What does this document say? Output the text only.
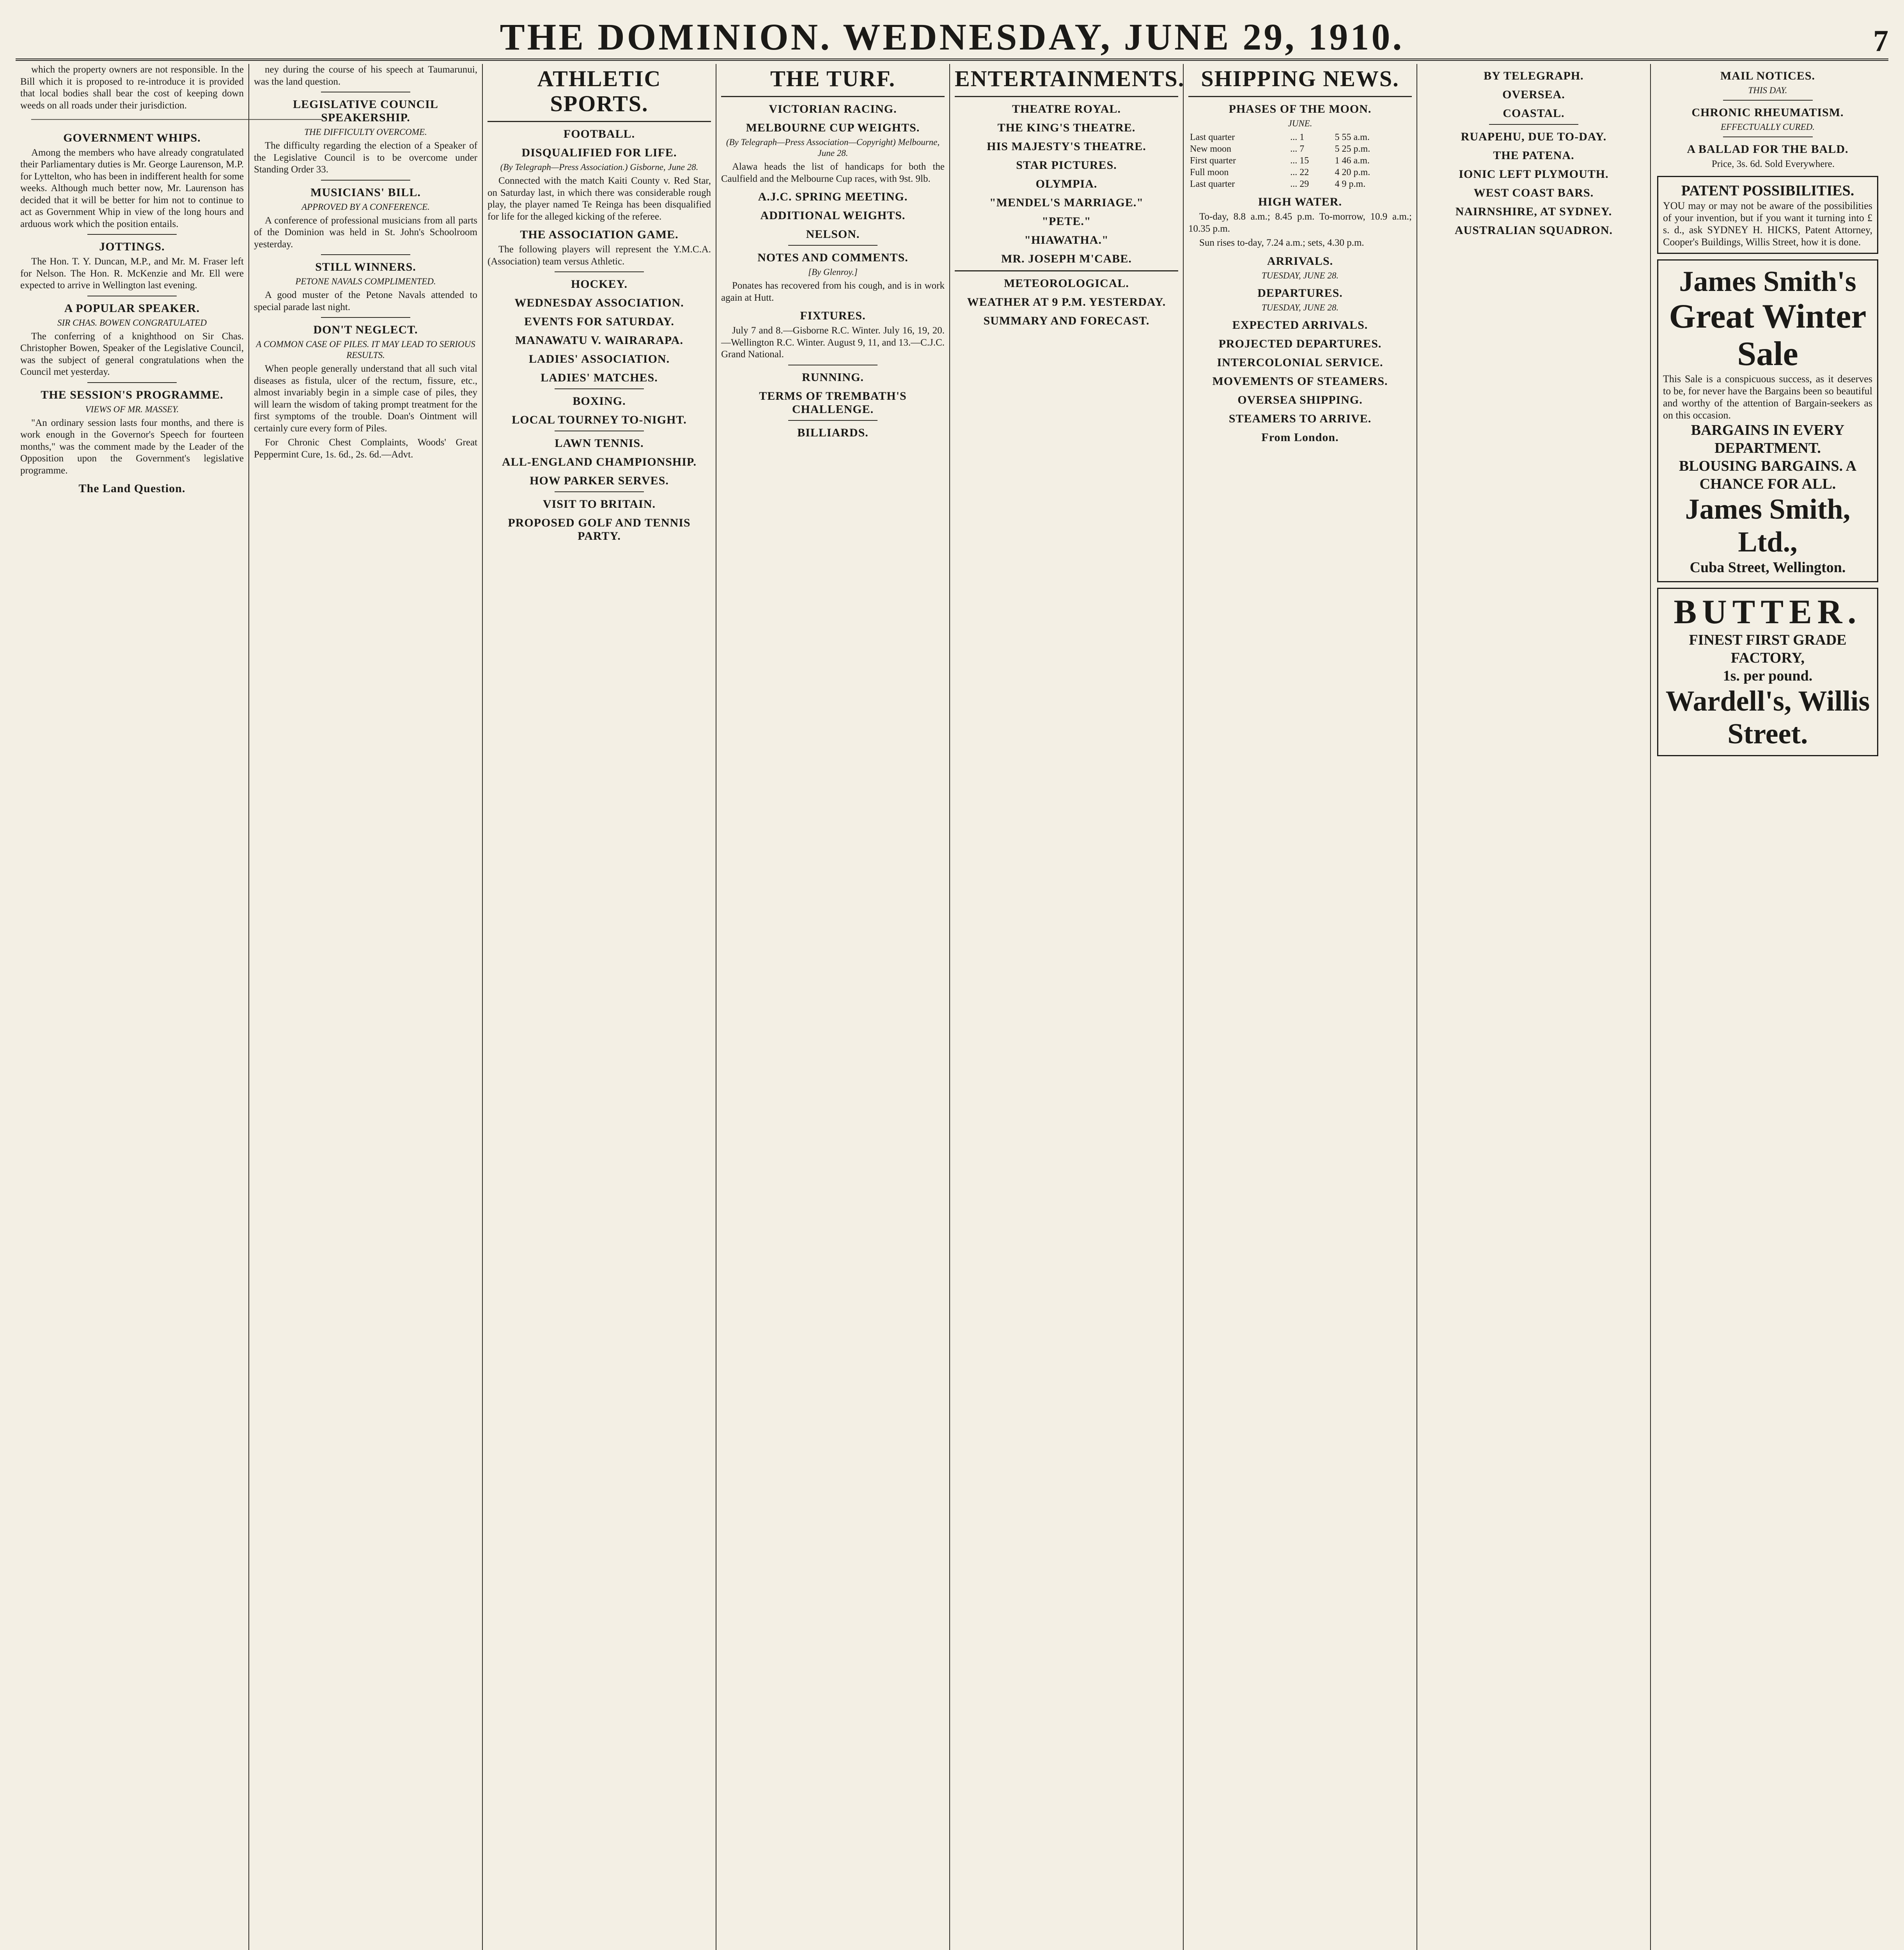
THE DOMINION. WEDNESDAY, JUNE 29, 1910.	7

which the property owners are not responsible. In the Bill which it is proposed to re-introduce it is provided that local bodies shall bear the cost of keeping down weeds on all roads under their jurisdiction.

──────────────────────────────────────────

GOVERNMENT WHIPS.

Among the members who have already congratulated their Parliamentary duties is Mr. George Laurenson, M.P. for Lyttelton, who has been in indifferent health for some weeks. Although much better now, Mr. Laurenson has decided that it will be better for him not to continue to act as Government Whip in view of the long hours and arduous work which the position entails.

JOTTINGS.

The Hon. T. Y. Duncan, M.P., and Mr. M. Fraser left for Nelson. The Hon. R. McKenzie and Mr. Ell were expected to arrive in Wellington last evening.

A POPULAR SPEAKER.
SIR CHAS. BOWEN CONGRATULATED

The conferring of a knighthood on Sir Chas. Christopher Bowen, Speaker of the Legislative Council, was the subject of general congratulations when the Council met yesterday.

THE SESSION'S PROGRAMME.
VIEWS OF MR. MASSEY.

"An ordinary session lasts four months, and there is work enough in the Governor's Speech for fourteen months," was the comment made by the Leader of the Opposition upon the Government's legislative programme.

The Land Question.

ney during the course of his speech at Taumarunui, was the land question.

LEGISLATIVE COUNCIL SPEAKERSHIP.
THE DIFFICULTY OVERCOME.

The difficulty regarding the election of a Speaker of the Legislative Council is to be overcome under Standing Order 33.

MUSICIANS' BILL.
APPROVED BY A CONFERENCE.

A conference of professional musicians from all parts of the Dominion was held in St. John's Schoolroom yesterday.

STILL WINNERS.
PETONE NAVALS COMPLIMENTED.

A good muster of the Petone Navals attended to special parade last night.

DON'T NEGLECT.
A COMMON CASE OF PILES. IT MAY LEAD TO SERIOUS RESULTS.

When people generally understand that all such vital diseases as fistula, ulcer of the rectum, fissure, etc., almost invariably begin in a simple case of piles, they will learn the wisdom of taking prompt treatment for the first symptoms of the trouble. Doan's Ointment will certainly cure every form of Piles.

For Chronic Chest Complaints, Woods' Great Peppermint Cure, 1s. 6d., 2s. 6d.—Advt.

ATHLETIC SPORTS.
FOOTBALL.
DISQUALIFIED FOR LIFE.
(By Telegraph—Press Association.) Gisborne, June 28.

Connected with the match Kaiti County v. Red Star, on Saturday last, in which there was considerable rough play, the player named Te Reinga has been disqualified for life for the alleged kicking of the referee.

THE ASSOCIATION GAME.

The following players will represent the Y.M.C.A. (Association) team versus Athletic.

HOCKEY.
WEDNESDAY ASSOCIATION.
EVENTS FOR SATURDAY.
MANAWATU V. WAIRARAPA.
LADIES' ASSOCIATION.
LADIES' MATCHES.
BOXING.
LOCAL TOURNEY TO-NIGHT.
LAWN TENNIS.
ALL-ENGLAND CHAMPIONSHIP.
HOW PARKER SERVES.
VISIT TO BRITAIN.
PROPOSED GOLF AND TENNIS PARTY.
THE TURF.
VICTORIAN RACING.
MELBOURNE CUP WEIGHTS.
(By Telegraph—Press Association—Copyright) Melbourne, June 28.

Alawa heads the list of handicaps for both the Caulfield and the Melbourne Cup races, with 9st. 9lb.

A.J.C. SPRING MEETING.
ADDITIONAL WEIGHTS.
NELSON.
NOTES AND COMMENTS.
[By Glenroy.]

Ponates has recovered from his cough, and is in work again at Hutt.

FIXTURES.

July 7 and 8.—Gisborne R.C. Winter. July 16, 19, 20.—Wellington R.C. Winter. August 9, 11, and 13.—C.J.C. Grand National.

RUNNING.
TERMS OF TREMBATH'S CHALLENGE.
BILLIARDS.
ENTERTAINMENTS.
THEATRE ROYAL.
THE KING'S THEATRE.
HIS MAJESTY'S THEATRE.
STAR PICTURES.
OLYMPIA.
"MENDEL'S MARRIAGE."
"PETE."
"HIAWATHA."
MR. JOSEPH M'CABE.
METEOROLOGICAL.
WEATHER AT 9 P.M. YESTERDAY.
SUMMARY AND FORECAST.
SHIPPING NEWS.
PHASES OF THE MOON.
JUNE.
Last quarter	... 1	5 55 a.m.
New moon	... 7	5 25 p.m.
First quarter	... 15	1 46 a.m.
Full moon	... 22	4 20 p.m.
Last quarter	... 29	4 9 p.m.
HIGH WATER.

To-day, 8.8 a.m.; 8.45 p.m. To-morrow, 10.9 a.m.; 10.35 p.m.

Sun rises to-day, 7.24 a.m.; sets, 4.30 p.m.

ARRIVALS.
TUESDAY, JUNE 28.
DEPARTURES.
TUESDAY, JUNE 28.
EXPECTED ARRIVALS.
PROJECTED DEPARTURES.
INTERCOLONIAL SERVICE.
MOVEMENTS OF STEAMERS.
OVERSEA SHIPPING.
STEAMERS TO ARRIVE.
From London.
BY TELEGRAPH.
OVERSEA.
COASTAL.
RUAPEHU, DUE TO-DAY.
THE PATENA.
IONIC LEFT PLYMOUTH.
WEST COAST BARS.
NAIRNSHIRE, AT SYDNEY.
AUSTRALIAN SQUADRON.
MAIL NOTICES.
THIS DAY.
CHRONIC RHEUMATISM.
EFFECTUALLY CURED.
A BALLAD FOR THE BALD.

Price, 3s. 6d. Sold Everywhere.

PATENT POSSIBILITIES.
YOU may or may not be aware of the possibilities of your invention, but if you want it turning into £ s. d., ask SYDNEY H. HICKS, Patent Attorney, Cooper's Buildings, Willis Street, how it is done.
James Smith's
Great Winter Sale
This Sale is a conspicuous success, as it deserves to be, for never have the Bargains been so beautiful and worthy of the attention of Bargain-seekers as on this occasion.
BARGAINS IN EVERY DEPARTMENT.
BLOUSING BARGAINS. A CHANCE FOR ALL.
James Smith, Ltd.,
Cuba Street, Wellington.
BUTTER.
FINEST FIRST GRADE
FACTORY,
1s. per pound.
Wardell's, Willis Street.
